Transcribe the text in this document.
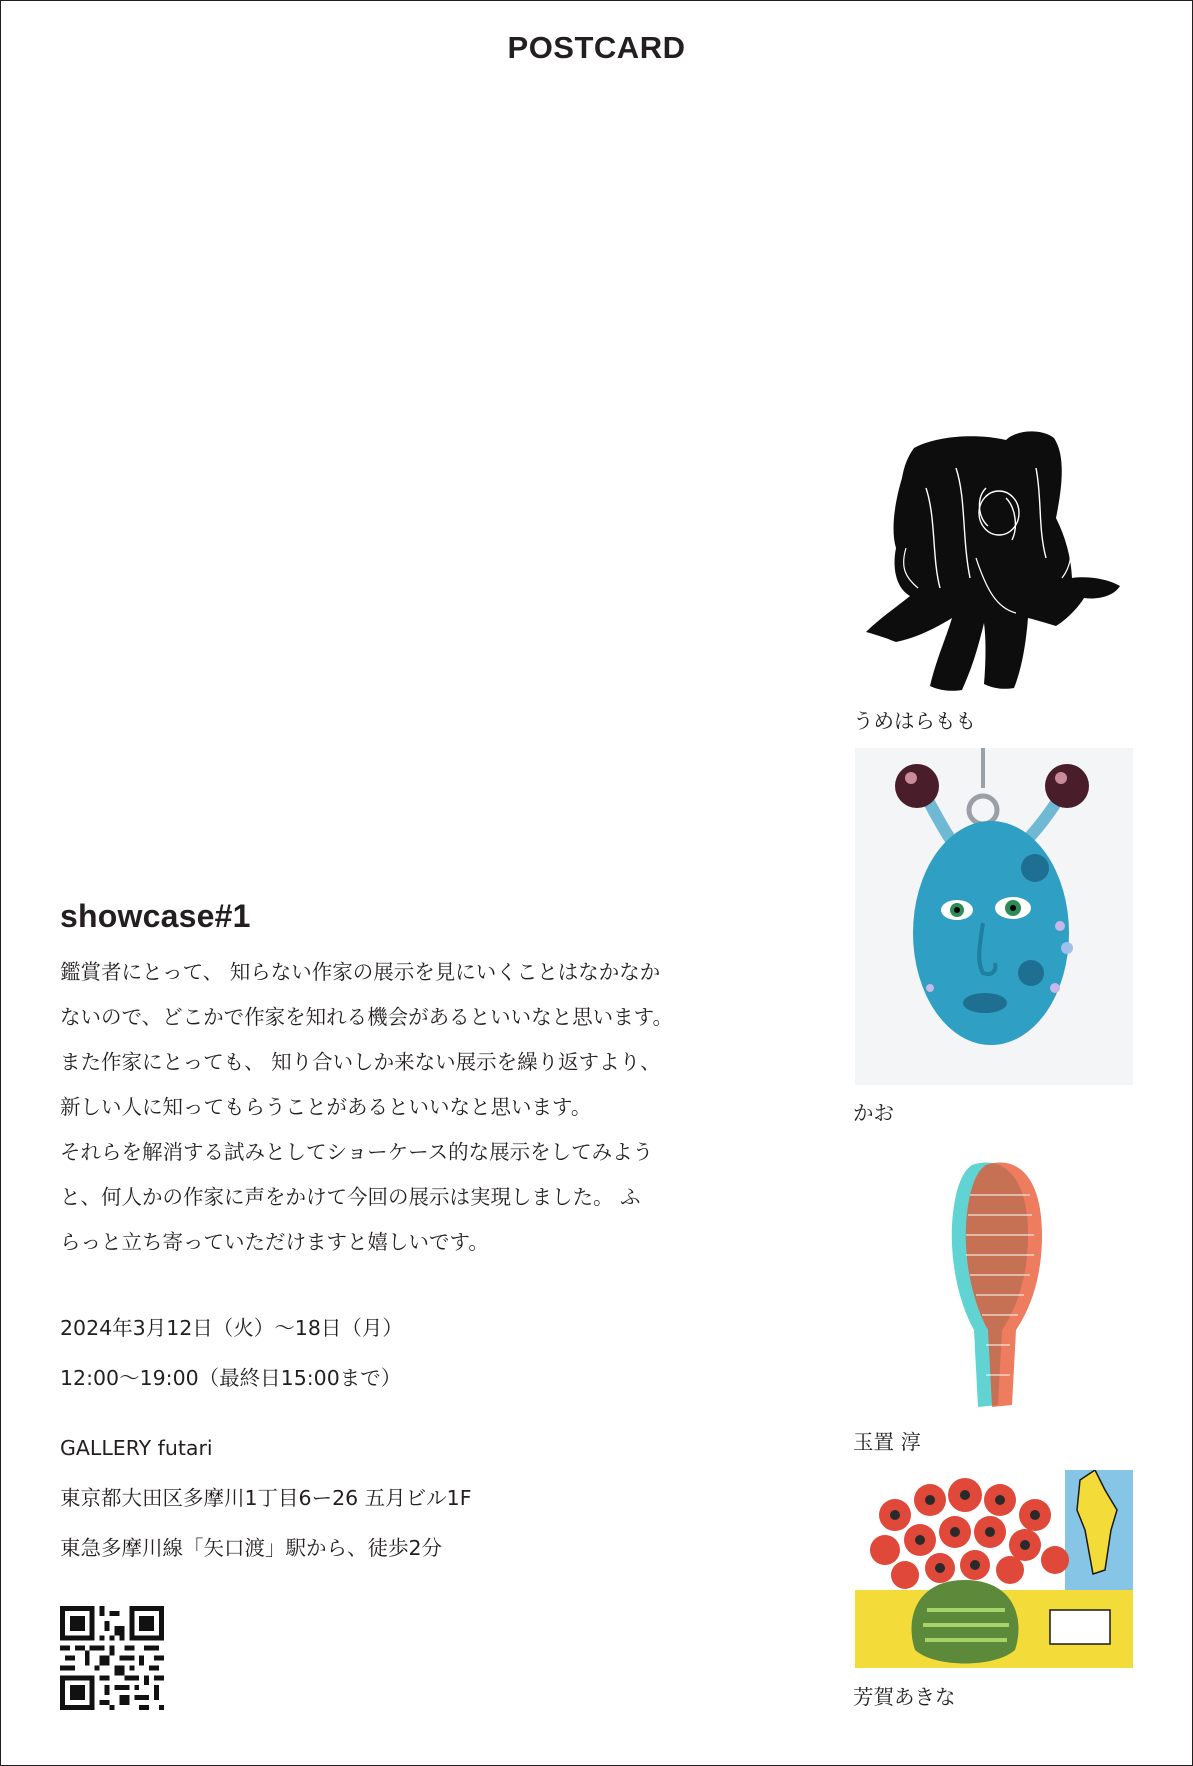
POSTCARD
うめはらもも
かお
玉置 淳
芳賀あきな
showcase#1
鑑賞者にとって、 知らない作家の展示を見にいくことはなかなか
ないので、どこかで作家を知れる機会があるといいなと思います。
また作家にとっても、 知り合いしか来ない展示を繰り返すより、
新しい人に知ってもらうことがあるといいなと思います。
それらを解消する試みとしてショーケース的な展示をしてみよう
と、何人かの作家に声をかけて今回の展示は実現しました。 ふ
らっと立ち寄っていただけますと嬉しいです。
2024年3月12日（火）～18日（月）
12:00～19:00（最終日15:00まで）
GALLERY futari
東京都大田区多摩川1丁目6ー26 五月ビル1F
東急多摩川線「矢口渡」駅から、徒歩2分
